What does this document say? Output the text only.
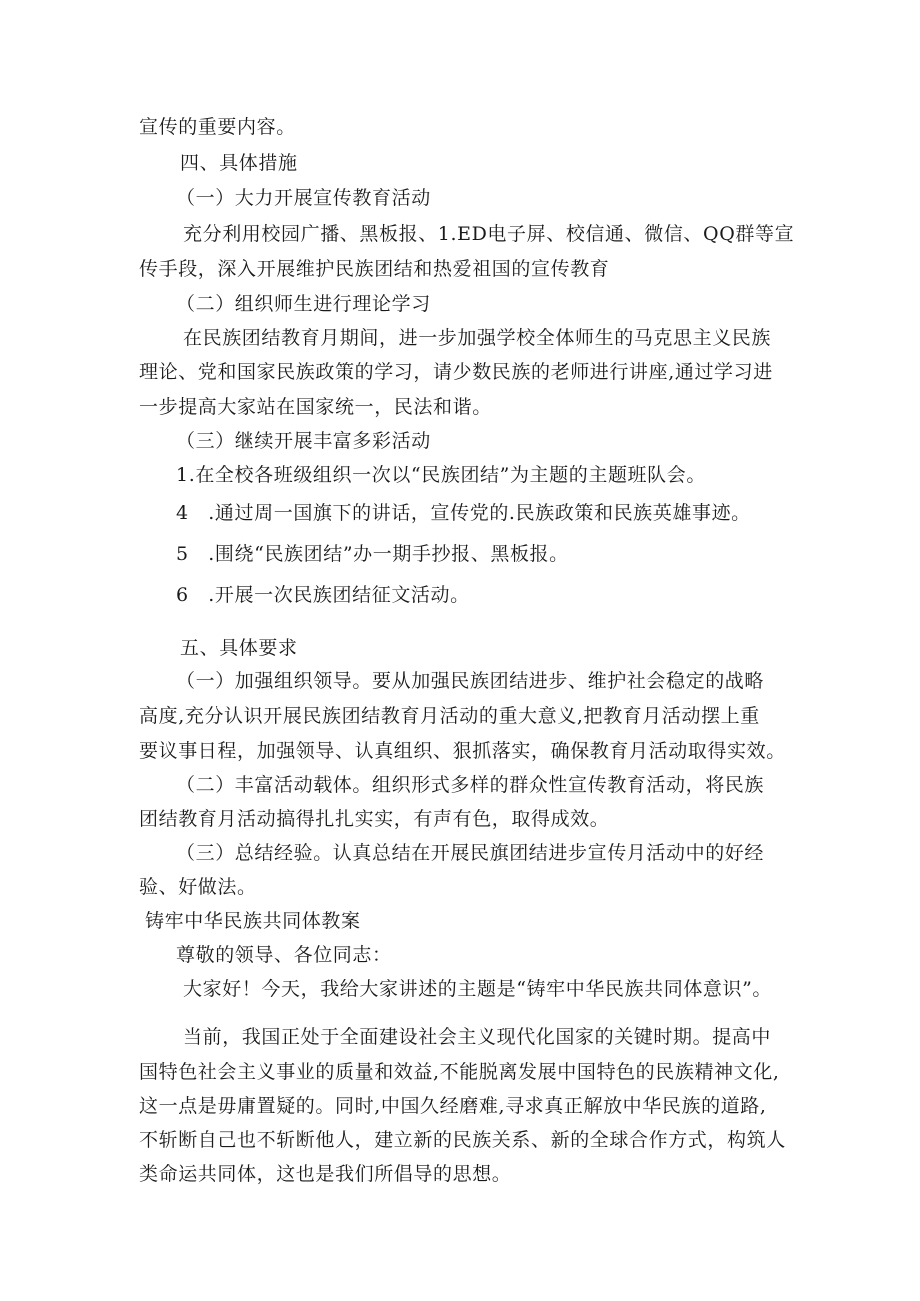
宣传的重要内容。
四、具体措施
（一）大力开展宣传教育活动
充分利用校园广播、黑板报、1.ED电子屏、校信通、微信、QQ群等宣
传手段，深入开展维护民族团结和热爱祖国的宣传教育
（二）组织师生进行理论学习
在民族团结教育月期间，进一步加强学校全体师生的马克思主义民族
理论、党和国家民族政策的学习，请少数民族的老师进行讲座,通过学习进
一步提高大家站在国家统一，民法和谐。
（三）继续开展丰富多彩活动
1.在全校各班级组织一次以“民族团结”为主题的主题班队会。
4　.通过周一国旗下的讲话，宣传党的.民族政策和民族英雄事迹。
5　.围绕“民族团结”办一期手抄报、黑板报。
6　.开展一次民族团结征文活动。
五、具体要求
（一）加强组织领导。要从加强民族团结进步、维护社会稳定的战略
高度,充分认识开展民族团结教育月活动的重大意义,把教育月活动摆上重
要议事日程，加强领导、认真组织、狠抓落实，确保教育月活动取得实效。
（二）丰富活动载体。组织形式多样的群众性宣传教育活动，将民族
团结教育月活动搞得扎扎实实，有声有色，取得成效。
（三）总结经验。认真总结在开展民旗团结进步宣传月活动中的好经
验、好做法。
铸牢中华民族共同体教案
尊敬的领导、各位同志：
大家好！今天，我给大家讲述的主题是“铸牢中华民族共同体意识”。
当前，我国正处于全面建设社会主义现代化国家的关键时期。提高中
国特色社会主义事业的质量和效益,不能脱离发展中国特色的民族精神文化,
这一点是毋庸置疑的。同时,中国久经磨难,寻求真正解放中华民族的道路,
不斩断自己也不斩断他人，建立新的民族关系、新的全球合作方式，构筑人
类命运共同体，这也是我们所倡导的思想。
